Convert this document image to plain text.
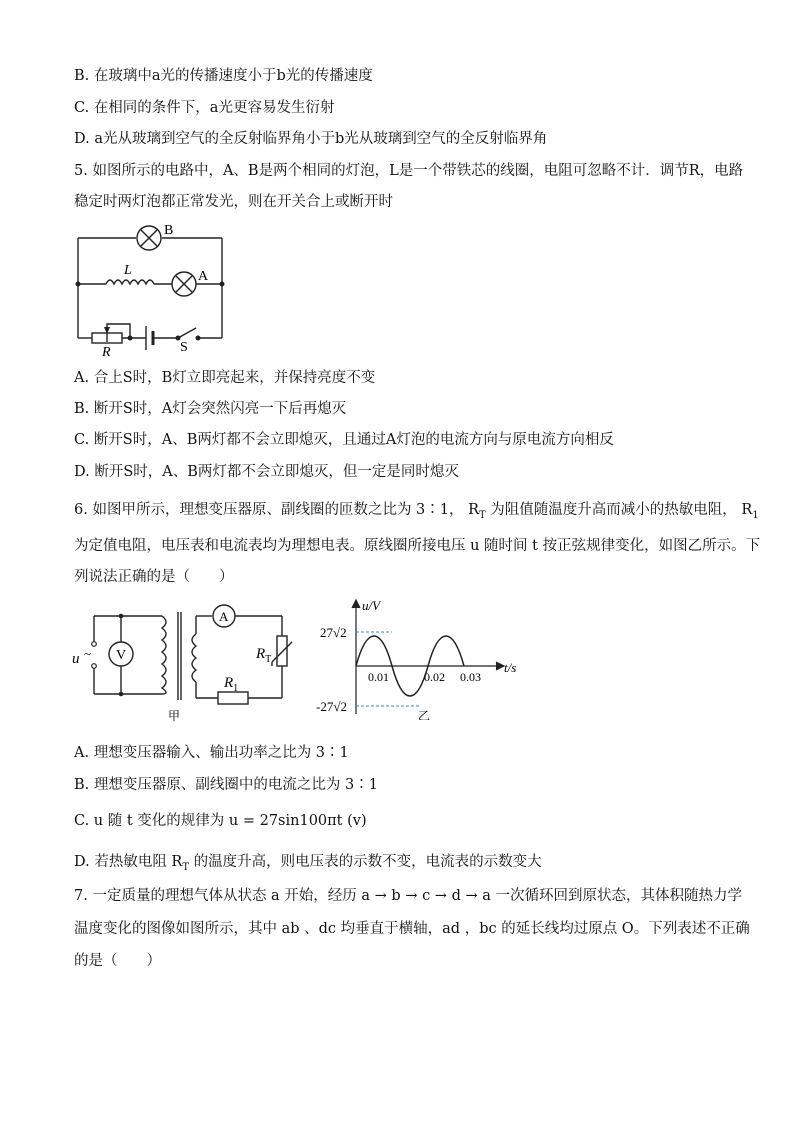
B. 在玻璃中a光的传播速度小于b光的传播速度
C. 在相同的条件下，a光更容易发生衍射
D. a光从玻璃到空气的全反射临界角小于b光从玻璃到空气的全反射临界角
5. 如图所示的电路中，A、B是两个相同的灯泡，L是一个带铁芯的线圈，电阻可忽略不计．调节R，电路
稳定时两灯泡都正常发光，则在开关合上或断开时
B
L	A
R	S
A. 合上S时，B灯立即亮起来，并保持亮度不变
B. 断开S时，A灯会突然闪亮一下后再熄灭
C. 断开S时，A、B两灯都不会立即熄灭，且通过A灯泡的电流方向与原电流方向相反
D. 断开S时，A、B两灯都不会立即熄灭，但一定是同时熄灭
6. 如图甲所示，理想变压器原、副线圈的匝数之比为 3∶1， $R_T$ 为阻值随温度升高而减小的热敏电阻， $R_1$
为定值电阻，电压表和电流表均为理想电表。原线圈所接电压 u 随时间 t 按正弦规律变化，如图乙所示。下
列说法正确的是（　　）
u ~ V
A
$R_T$
$R_1$
甲
u/V
t/s
27√2
-27√2
0.01	0.02 0.03
乙
A. 理想变压器输入、输出功率之比为 3∶1
B. 理想变压器原、副线圈中的电流之比为 3∶1
C. u 随 t 变化的规律为 u = 27sin100πt (v)
D. 若热敏电阻 $R_T$ 的温度升高，则电压表的示数不变，电流表的示数变大
7. 一定质量的理想气体从状态 a 开始，经历 a → b → c → d → a 一次循环回到原状态，其体积随热力学
温度变化的图像如图所示，其中 ab 、dc 均垂直于横轴，ad ，bc 的延长线均过原点 O。下列表述不正确
的是（　　）
